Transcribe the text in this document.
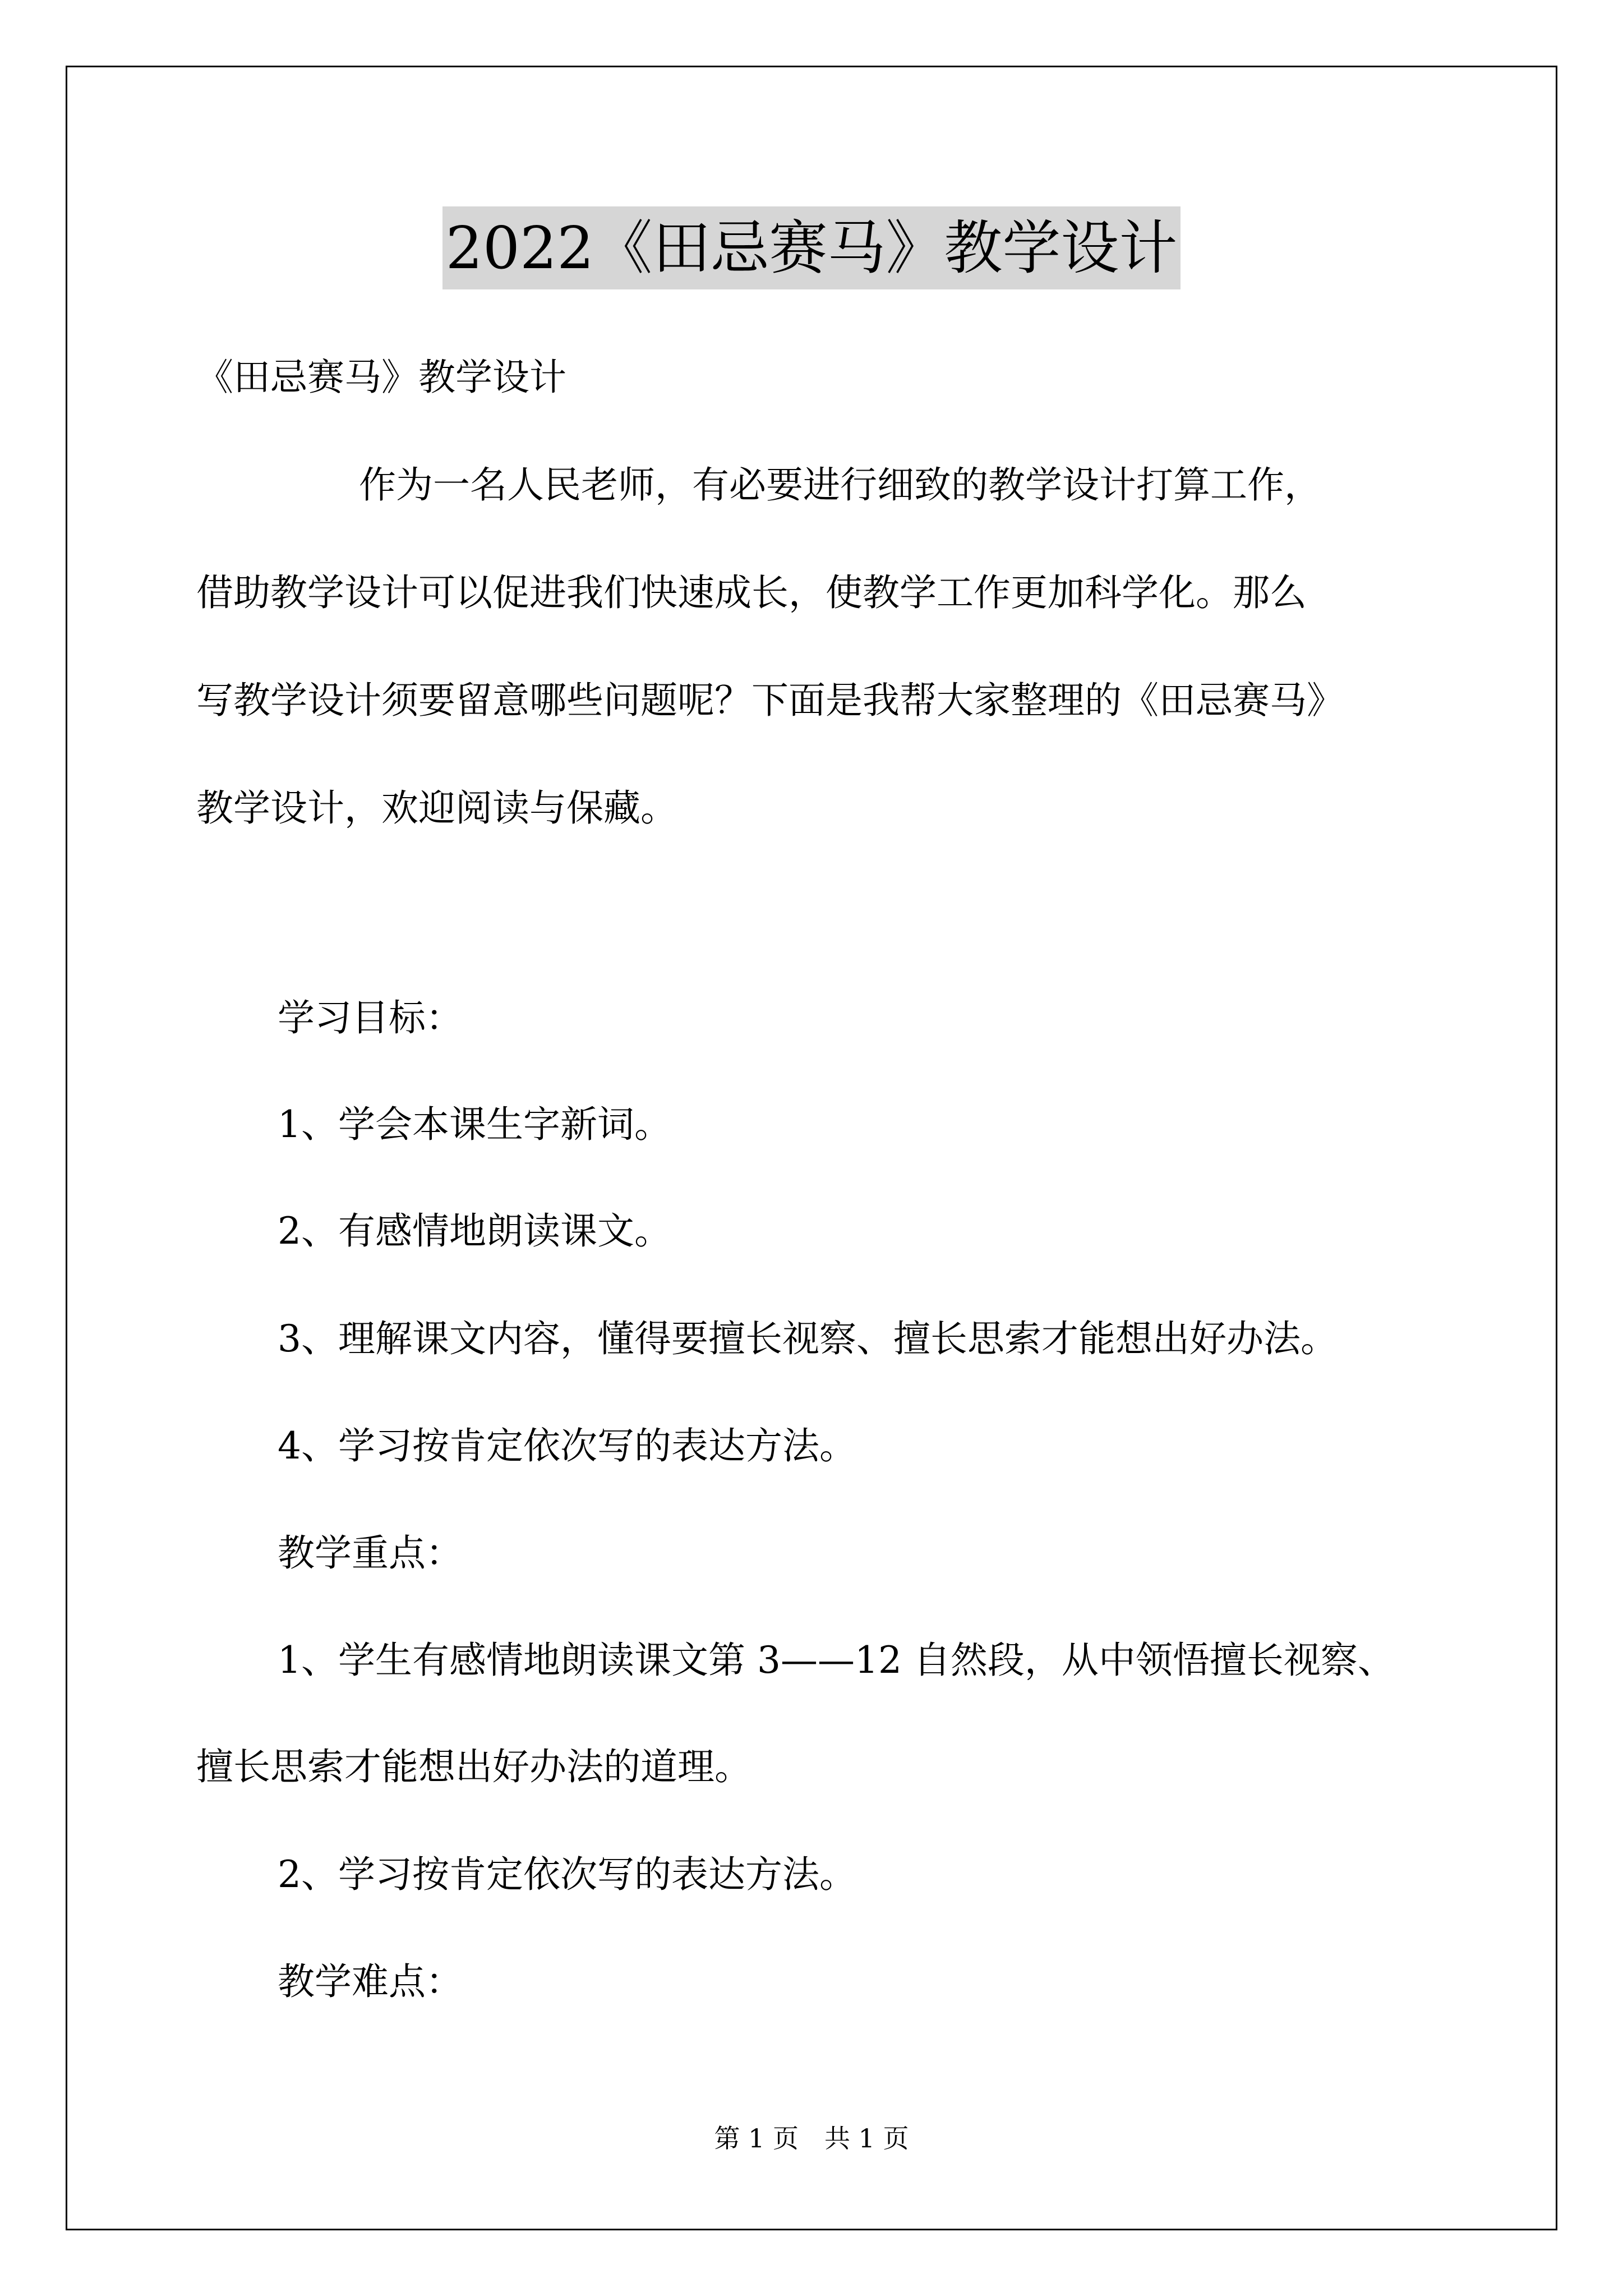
2022《田忌赛马》教学设计
《田忌赛马》教学设计
作为一名人民老师，有必要进行细致的教学设计打算工作，
借助教学设计可以促进我们快速成长，使教学工作更加科学化。那么
写教学设计须要留意哪些问题呢？下面是我帮大家整理的《田忌赛马》
教学设计，欢迎阅读与保藏。
学习目标：
1、学会本课生字新词。
2、有感情地朗读课文。
3、理解课文内容，懂得要擅长视察、擅长思索才能想出好办法。
4、学习按肯定依次写的表达方法。
教学重点：
1、学生有感情地朗读课文第 3——12 自然段，从中领悟擅长视察、
擅长思索才能想出好办法的道理。
2、学习按肯定依次写的表达方法。
教学难点：
第 1 页　共 1 页
